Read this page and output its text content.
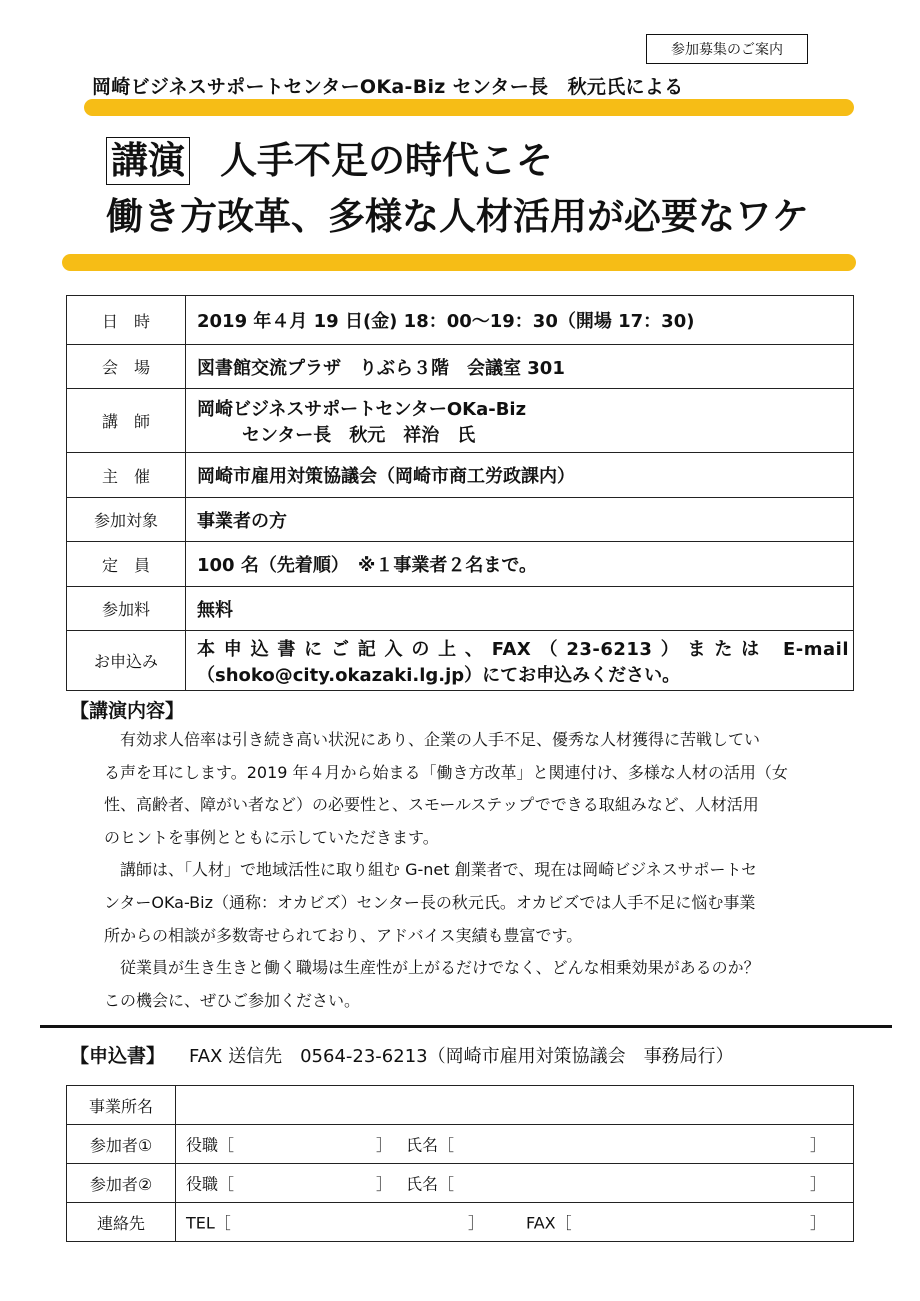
参加募集のご案内
岡崎ビジネスサポートセンターOKa-Biz センター長　秋元氏による
講演 人手不足の時代こそ
働き方改革、多様な人材活用が必要なワケ
日　時	2019 年４月 19 日(金) 18：00〜19：30（開場 17：30)
会　場	図書館交流プラザ　りぶら３階　会議室 301
講　師	岡崎ビジネスサポートセンターOKa-Biz
センター長　秋元　祥治　氏

主　催	岡崎市雇用対策協議会（岡崎市商工労政課内）
参加対象	事業者の方
定　員	100 名（先着順）　※１事業者２名まで。
参加料	無料
お申込み	本申込書にご記入の上、FAX（23-6213）または E-mail
（shoko@city.okazaki.lg.jp）にてお申込みください。
【講演内容】

　有効求人倍率は引き続き高い状況にあり、企業の人手不足、優秀な人材獲得に苦戦してい

る声を耳にします。2019 年４月から始まる「働き方改革」と関連付け、多様な人材の活用（女

性、高齢者、障がい者など）の必要性と、スモールステップでできる取組みなど、人材活用

のヒントを事例とともに示していただきます。

　講師は、「人材」で地域活性に取り組む G-net 創業者で、現在は岡崎ビジネスサポートセ

ンターOKa-Biz（通称：オカビズ）センター長の秋元氏。オカビズでは人手不足に悩む事業

所からの相談が多数寄せられており、アドバイス実績も豊富です。

　従業員が生き生きと働く職場は生産性が上がるだけでなく、どんな相乗効果があるのか？

この機会に、ぜひご参加ください。

【申込書】 FAX 送信先　0564-23-6213（岡崎市雇用対策協議会　事務局行）
事業所名	
参加者①	役職［ ］ 氏名［ ］

参加者②	役職［ ］ 氏名［ ］

連絡先	TEL［ ］ FAX［ ］
